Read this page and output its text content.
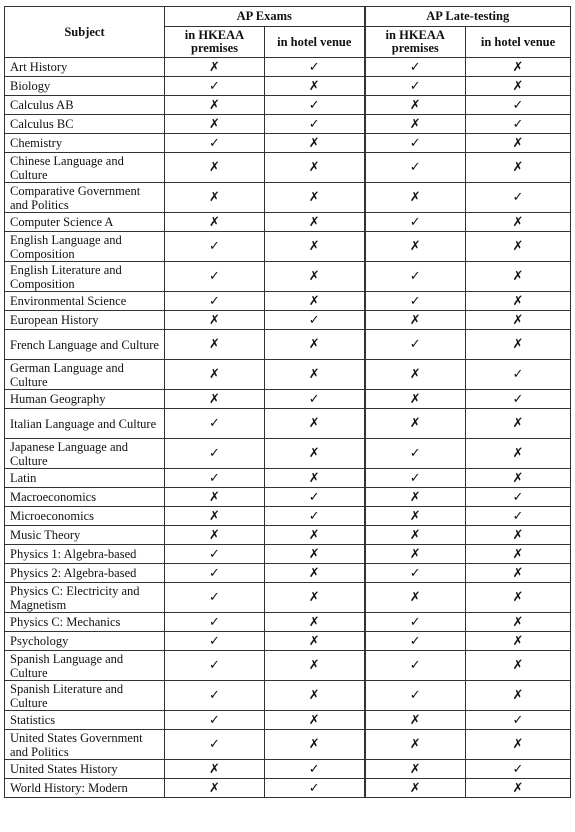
Subject	AP Exams		AP Late-testing	
	in HKEAA premises	in hotel venue	in HKEAA premises	in hotel venue
Art History	✗	✓	✓	✗
Biology	✓	✗	✓	✗
Calculus AB	✗	✓	✗	✓
Calculus BC	✗	✓	✗	✓
Chemistry	✓	✗	✓	✗
Chinese Language and Culture	✗	✗	✓	✗
Comparative Government and Politics	✗	✗	✗	✓
Computer Science A	✗	✗	✓	✗
English Language and Composition	✓	✗	✗	✗
English Literature and Composition	✓	✗	✓	✗
Environmental Science	✓	✗	✓	✗
European History	✗	✓	✗	✗
French Language and Culture	✗	✗	✓	✗
German Language and Culture	✗	✗	✗	✓
Human Geography	✗	✓	✗	✓
Italian Language and Culture	✓	✗	✗	✗
Japanese Language and Culture	✓	✗	✓	✗
Latin	✓	✗	✓	✗
Macroeconomics	✗	✓	✗	✓
Microeconomics	✗	✓	✗	✓
Music Theory	✗	✗	✗	✗
Physics 1: Algebra-based	✓	✗	✗	✗
Physics 2: Algebra-based	✓	✗	✓	✗
Physics C: Electricity and Magnetism	✓	✗	✗	✗
Physics C: Mechanics	✓	✗	✓	✗
Psychology	✓	✗	✓	✗
Spanish Language and Culture	✓	✗	✓	✗
Spanish Literature and Culture	✓	✗	✓	✗
Statistics	✓	✗	✗	✓
United States Government and Politics	✓	✗	✗	✗
United States History	✗	✓	✗	✓
World History: Modern	✗	✓	✗	✗
